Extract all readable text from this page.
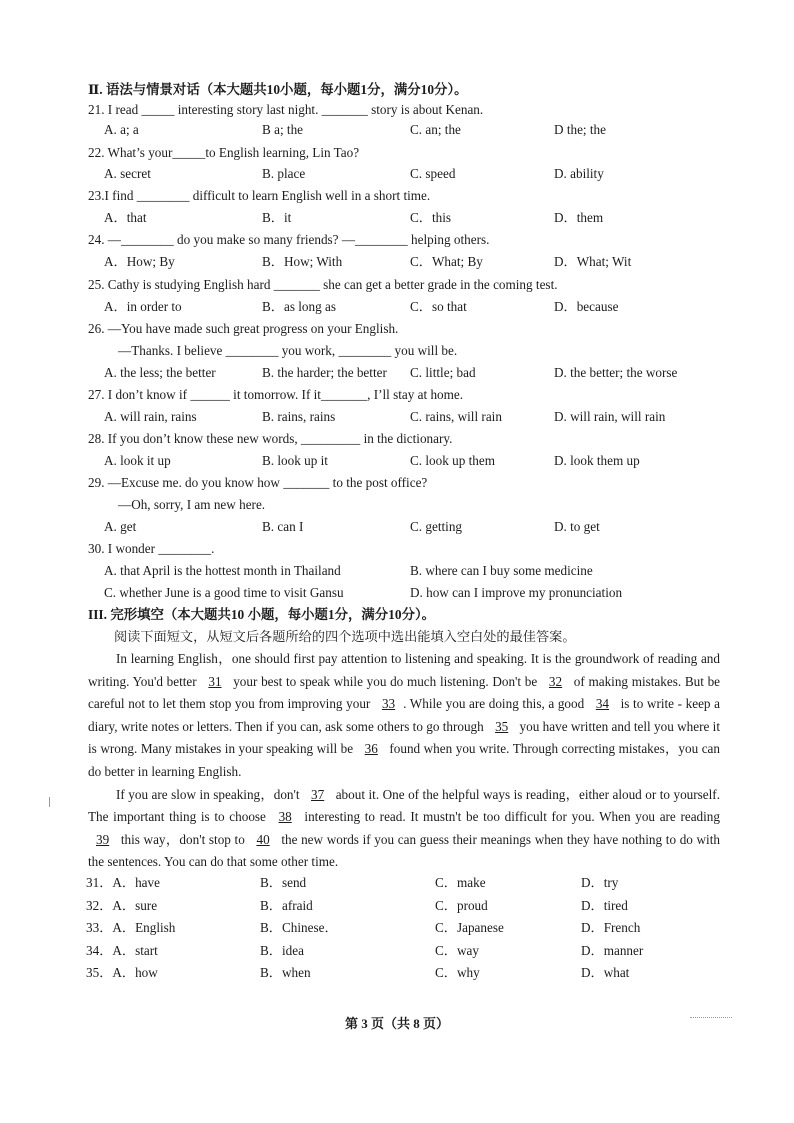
Ⅱ. 语法与情景对话（本大题共10小题，每小题1分，满分10分）。
21. I read _____ interesting story last night. _______ story is about Kenan.
A. a; a	B a; the	C. an; the	D the; the
22. What’s your_____to English learning, Lin Tao?
A. secret	B. place	C. speed	D. ability
23.I find ________ difficult to learn English well in a short time.
A．that	B．it	C．this	D．them
24. —________ do you make so many friends? —________ helping others.
A．How; By	B．How; With	C．What; By	D．What; Wit
25. Cathy is studying English hard _______ she can get a better grade in the coming test.
A．in order to	B．as long as	C．so that	D．because
26. —You have made such great progress on your English.
—Thanks. I believe ________ you work, ________ you will be.
A. the less; the better	B. the harder; the better C. little; bad	D. the better; the worse
27. I don’t know if ______ it tomorrow. If it_______, I’ll stay at home.
A. will rain, rains	B. rains, rains	C. rains, will rain	D. will rain, will rain
28. If you don’t know these new words, _________ in the dictionary.
A. look it up	B. look up it	C. look up them	D. look them up
29. —Excuse me. do you know how _______ to the post office?
—Oh, sorry, I am new here.
A. get	B. can I	C. getting	D. to get
30. I wonder ________.
A. that April is the hottest month in Thailand	B. where can I buy some medicine
C. whether June is a good time to visit Gansu	D. how can I improve my pronunciation
III. 完形填空（本大题共10 小题，每小题1分，满分10分）。
阅读下面短文，从短文后各题所给的四个选项中选出能填入空白处的最佳答案。

In learning English，one should first pay attention to listening and speaking. It is the groundwork of reading and writing. You'd better 31 your best to speak while you do much listening. Don't be 32 of making mistakes. But be careful not to let them stop you from improving your 33 . While you are doing this, a good 34 is to write - keep a diary, write notes or letters. Then if you can, ask some others to go through 35 you have written and tell you where it is wrong. Many mistakes in your speaking will be 36 found when you write. Through correcting mistakes，you can do better in learning English.

If you are slow in speaking，don't 37 about it. One of the helpful ways is reading，either aloud or to yourself. The important thing is to choose 38 interesting to read. It mustn't be too difficult for you. When you are reading 39 this way，don't stop to 40 the new words if you can guess their meanings when they have nothing to do with the sentences. You can do that some other time.

31．A．have	B．send	C．make	D．try
32．A．sure	B．afraid	C．proud	D．tired
33．A．English	B．Chinese．	C．Japanese	D．French
34．A．start	B．idea	C．way	D．manner
35．A．how	B．when	C．why	D．what
第 3 页（共 8 页）
